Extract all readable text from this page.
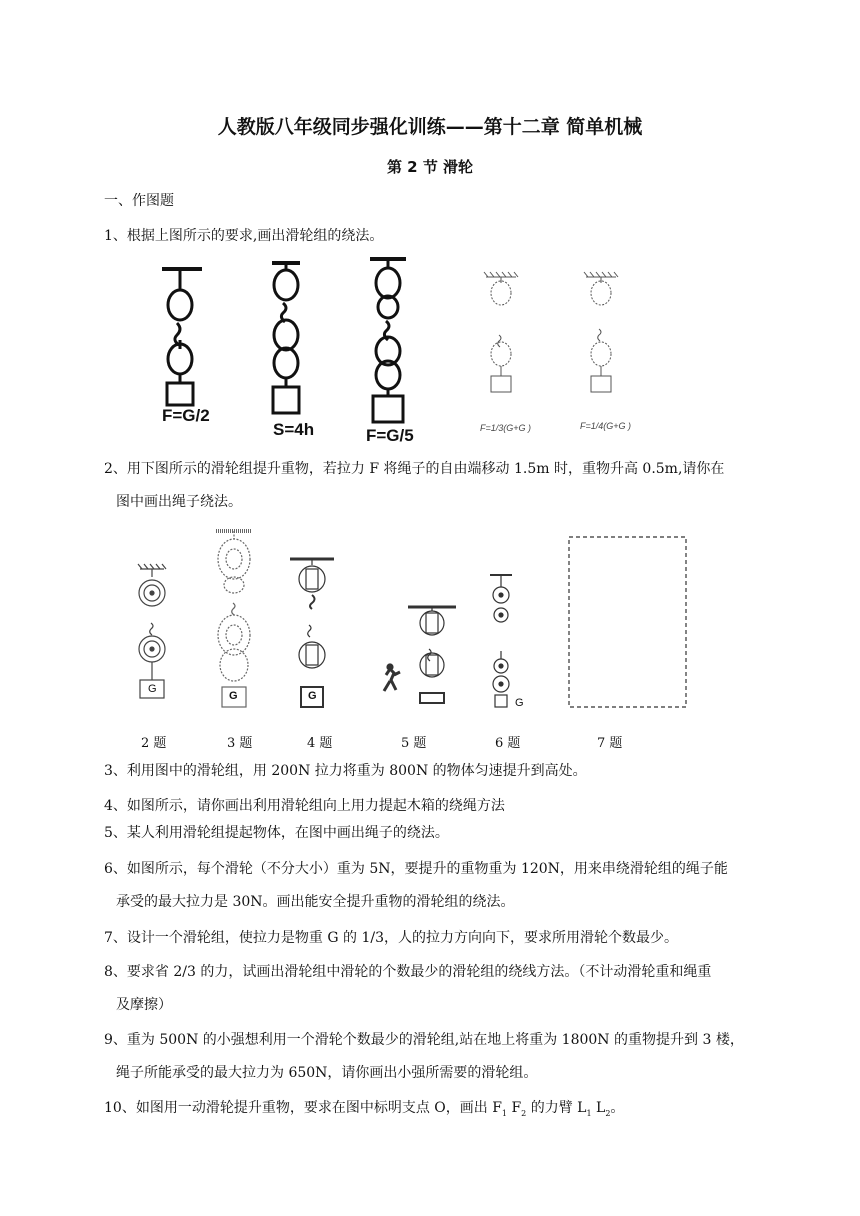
人教版八年级同步强化训练——第十二章 简单机械
第 2 节 滑轮
一、作图题
1、根据上图所示的要求,画出滑轮组的绕法。
F=G/2
S=4h	F=G/5	F=1/3(G+G )	F=1/4(G+G )
2、用下图所示的滑轮组提升重物，若拉力 F 将绳子的自由端移动 1.5m 时，重物升高 0.5m,请你在
图中画出绳子绕法。
G
G	G
G
2 题	3 题	4 题	5 题	6 题	7 题
3、利用图中的滑轮组，用 200N 拉力将重为 800N 的物体匀速提升到高处。
4、如图所示，请你画出利用滑轮组向上用力提起木箱的绕绳方法
5、某人利用滑轮组提起物体，在图中画出绳子的绕法。
6、如图所示，每个滑轮（不分大小）重为 5N，要提升的重物重为 120N，用来串绕滑轮组的绳子能
承受的最大拉力是 30N。画出能安全提升重物的滑轮组的绕法。
7、设计一个滑轮组，使拉力是物重 G 的 1/3，人的拉力方向向下，要求所用滑轮个数最少。
8、要求省 2/3 的力，试画出滑轮组中滑轮的个数最少的滑轮组的绕线方法。（不计动滑轮重和绳重
及摩擦）
9、重为 500N 的小强想利用一个滑轮个数最少的滑轮组,站在地上将重为 1800N 的重物提升到 3 楼，
绳子所能承受的最大拉力为 650N，请你画出小强所需要的滑轮组。
10、如图用一动滑轮提升重物，要求在图中标明支点 O，画出 $F_1$ $F_2$ 的力臂 $L_1$ $L_2$。
